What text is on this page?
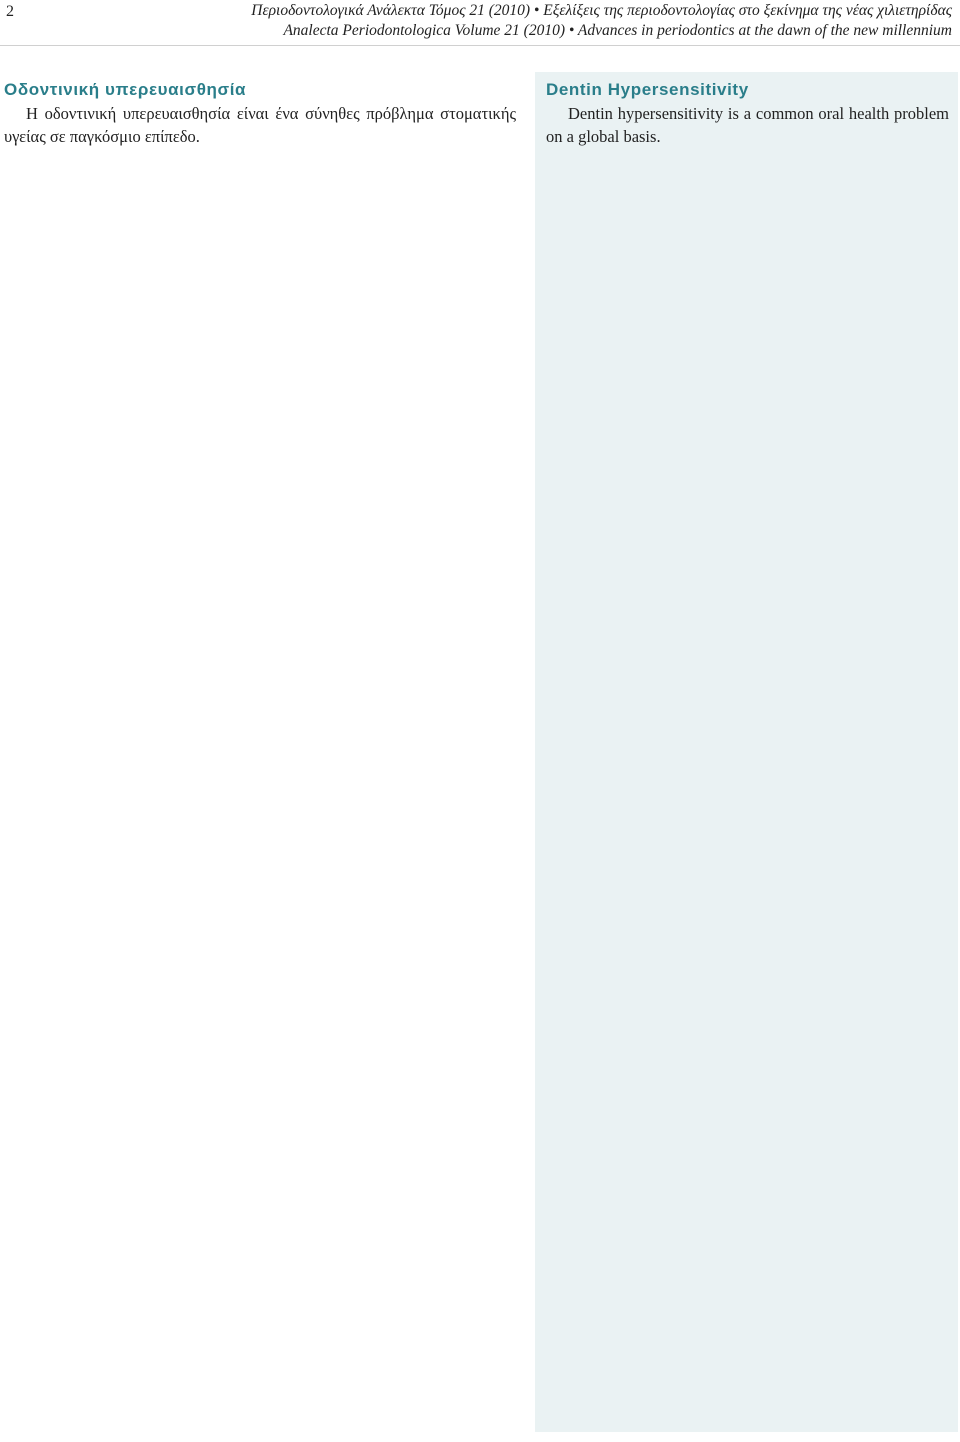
2	Περιοδοντολογικά Ανάλεκτα Τόμος 21 (2010) • Εξελίξεις της περιοδοντολογίας στο ξεκίνημα της νέας χιλιετηρίδας
Analecta Periodontologica Volume 21 (2010) • Advances in periodontics at the dawn of the new millennium
Οδοντινική υπερευαισθησία

Η οδοντινική υπερευαισθησία είναι ένα σύνηθες πρόβλημα στοματικής υγείας σε παγκόσμιο επίπεδο.

Dentin Hypersensitivity

Dentin hypersensitivity is a common oral health problem on a global basis.
